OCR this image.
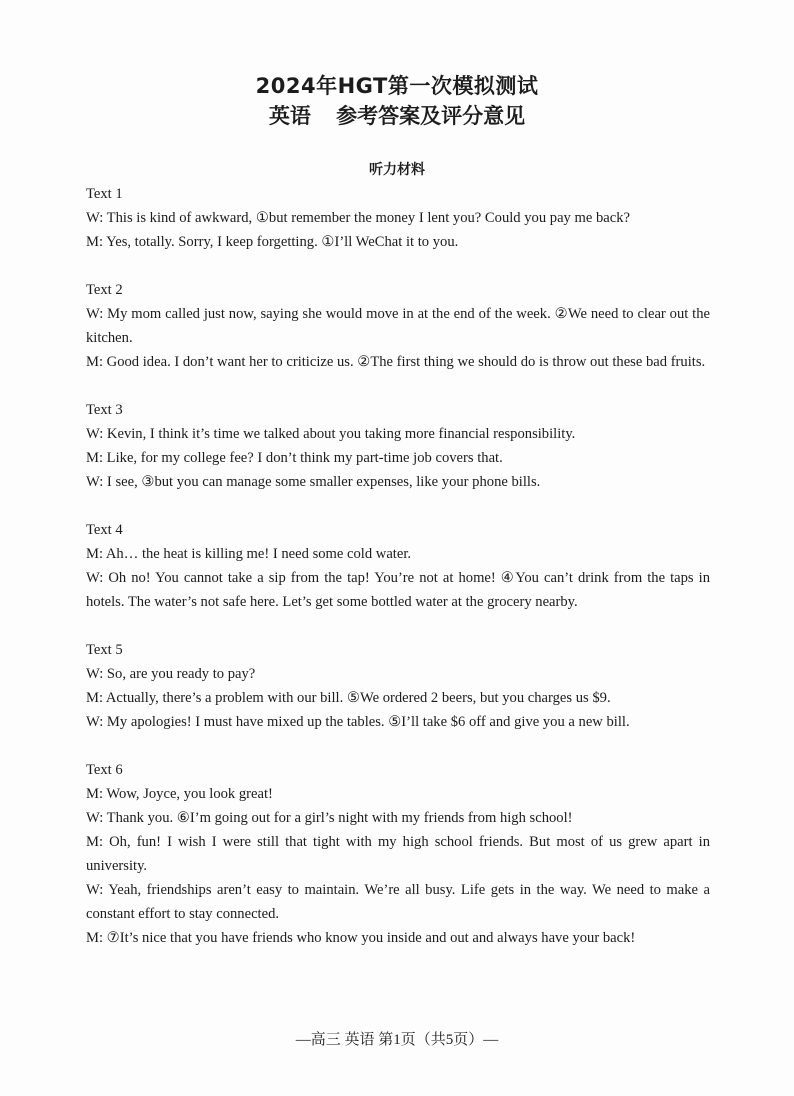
2024年HGT第一次模拟测试

英语 参考答案及评分意见

听力材料

Text 1

W: This is kind of awkward, ①but remember the money I lent you? Could you pay me back?

M: Yes, totally. Sorry, I keep forgetting. ①I’ll WeChat it to you.

Text 2

W: My mom called just now, saying she would move in at the end of the week. ②We need to clear out the kitchen.

M: Good idea. I don’t want her to criticize us. ②The first thing we should do is throw out these bad fruits.

Text 3

W: Kevin, I think it’s time we talked about you taking more financial responsibility.

M: Like, for my college fee? I don’t think my part-time job covers that.

W: I see, ③but you can manage some smaller expenses, like your phone bills.

Text 4

M: Ah… the heat is killing me! I need some cold water.

W: Oh no! You cannot take a sip from the tap! You’re not at home! ④You can’t drink from the taps in hotels. The water’s not safe here. Let’s get some bottled water at the grocery nearby.

Text 5

W: So, are you ready to pay?

M: Actually, there’s a problem with our bill. ⑤We ordered 2 beers, but you charges us $9.

W: My apologies! I must have mixed up the tables. ⑤I’ll take $6 off and give you a new bill.

Text 6

M: Wow, Joyce, you look great!

W: Thank you. ⑥I’m going out for a girl’s night with my friends from high school!

M: Oh, fun! I wish I were still that tight with my high school friends. But most of us grew apart in university.

W: Yeah, friendships aren’t easy to maintain. We’re all busy. Life gets in the way. We need to make a constant effort to stay connected.

M: ⑦It’s nice that you have friends who know you inside and out and always have your back!

—高三 英语 第1页（共5页）—
